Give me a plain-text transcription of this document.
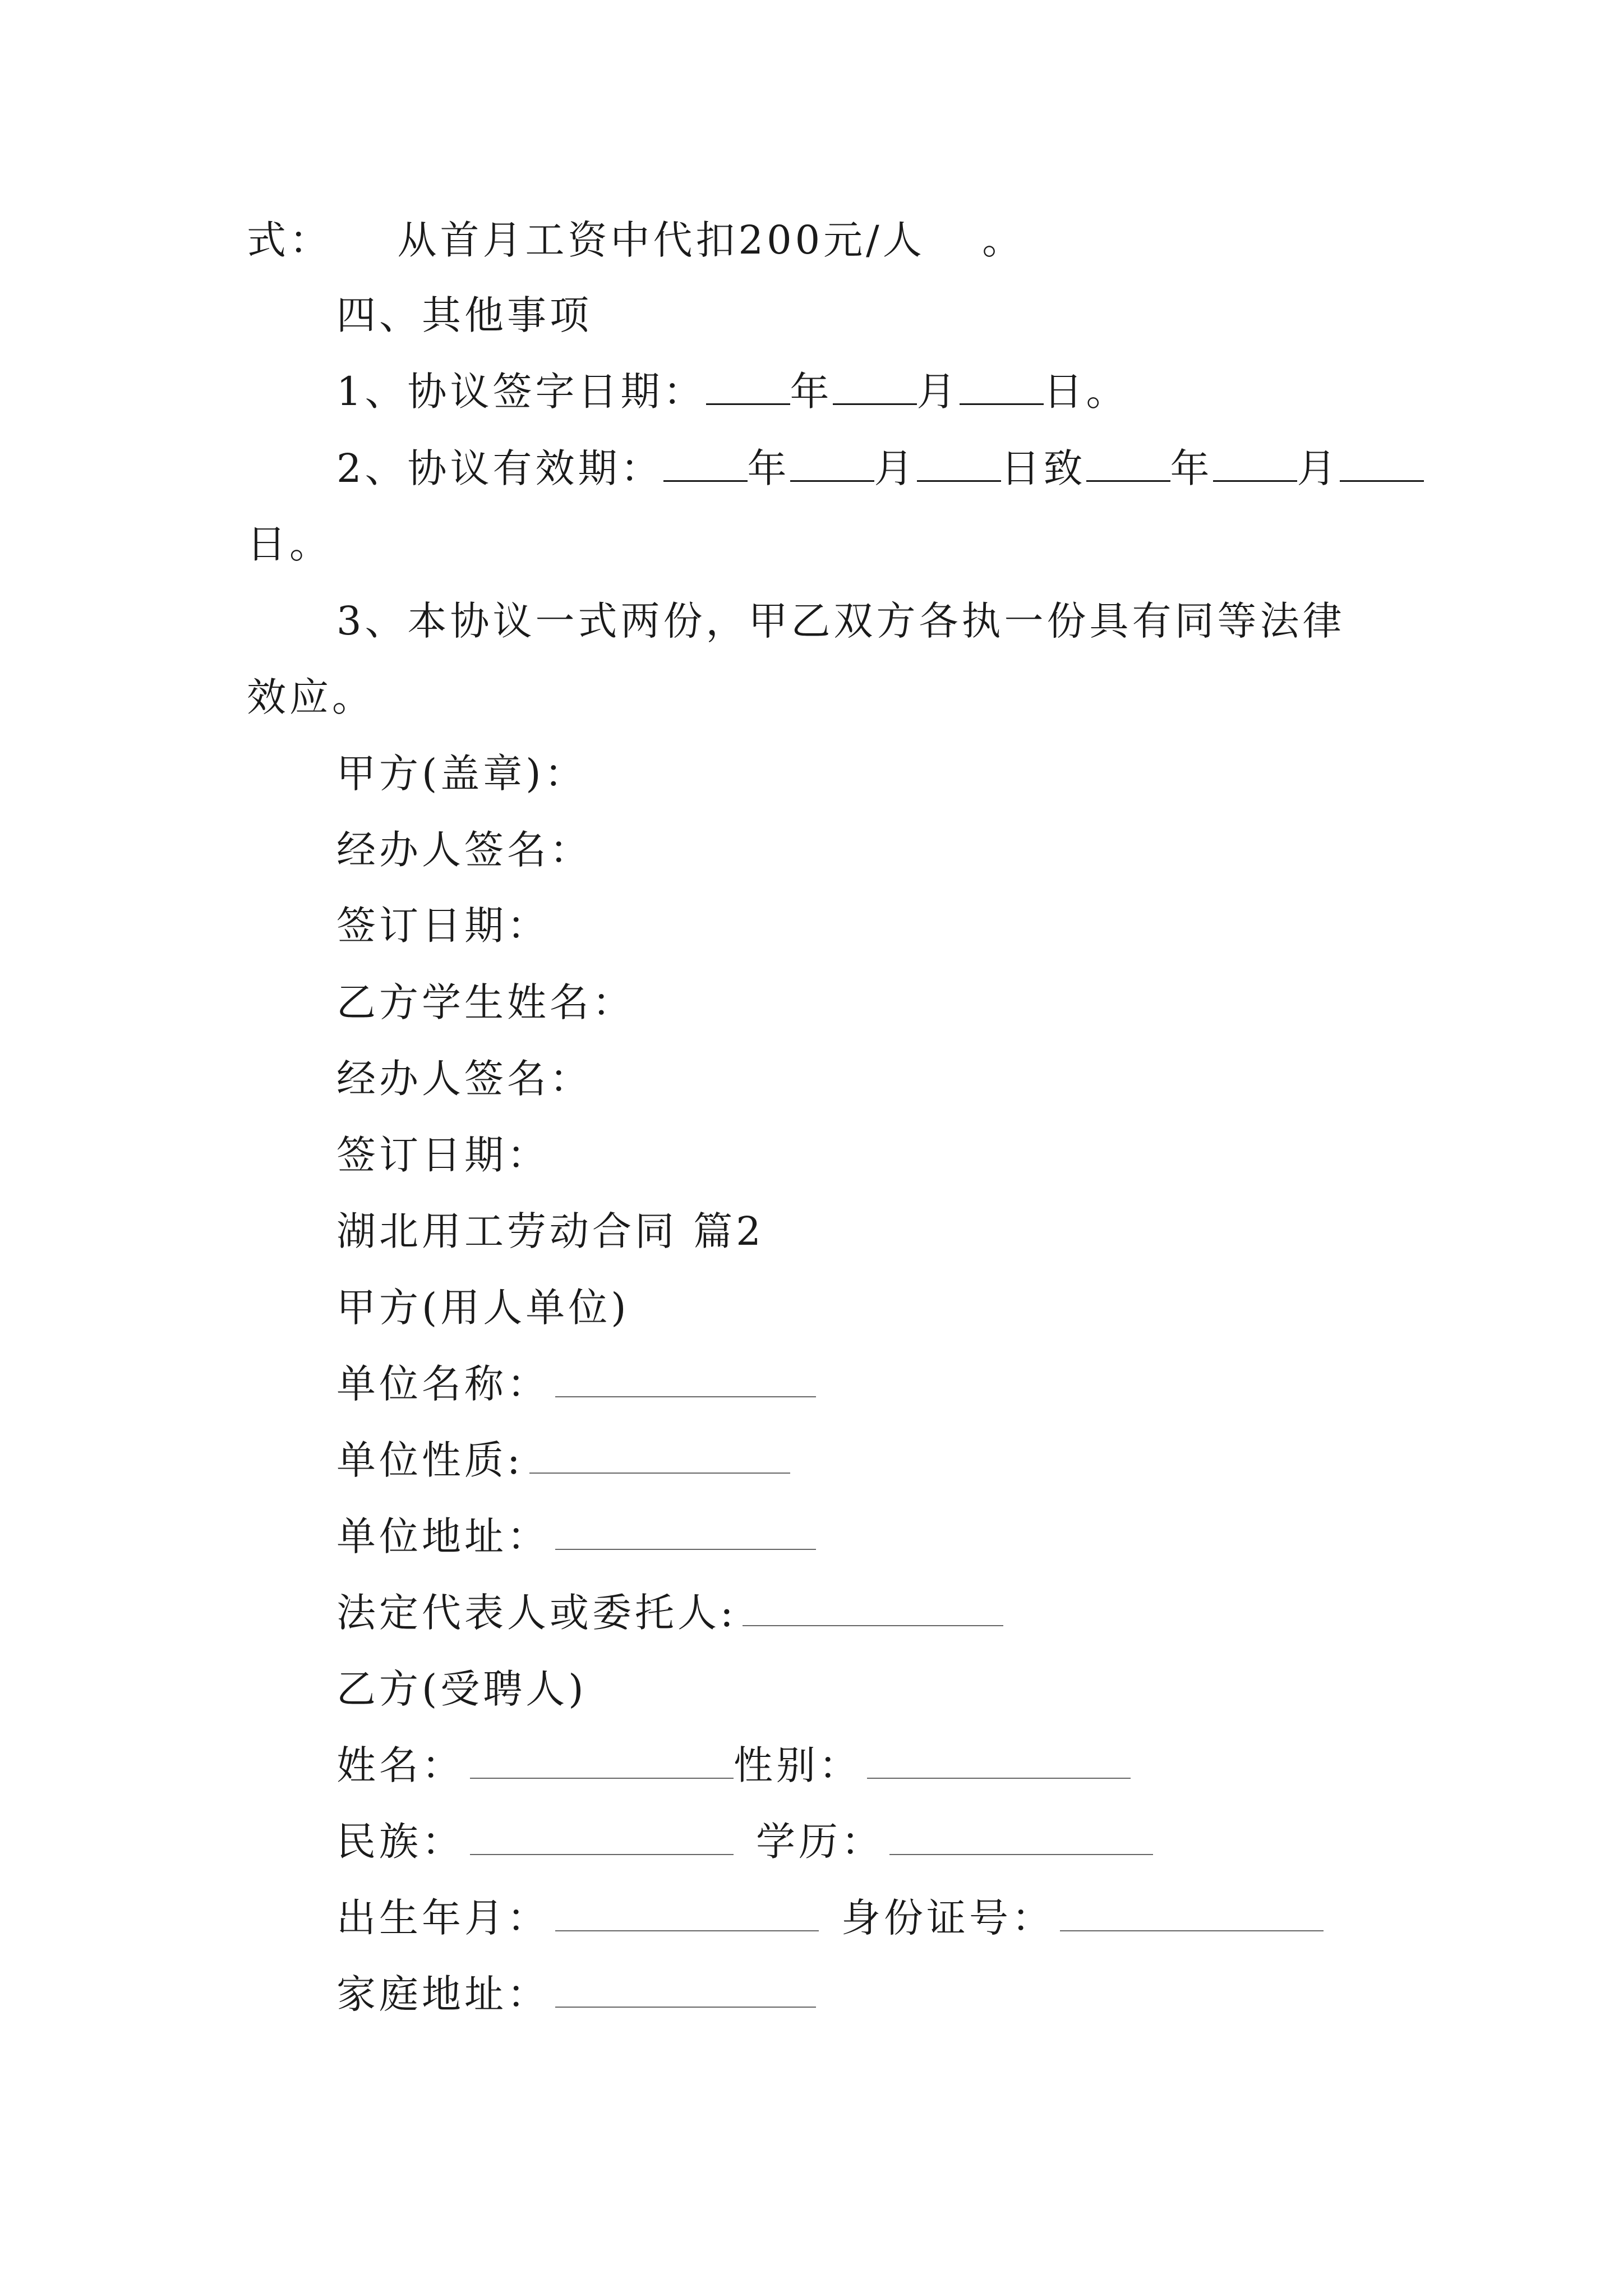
式： 从首月工资中代扣200元/人 。
四、其他事项
1、协议签字日期： 年 月 日。
2、协议有效期： 年 月 日致 年 月
日。
3、本协议一式两份，甲乙双方各执一份具有同等法律
效应。
甲方(盖章)：
经办人签名：
签订日期：
乙方学生姓名：
经办人签名：
签订日期：
湖北用工劳动合同 篇2
甲方(用人单位)
单位名称：
单位性质:
单位地址：
法定代表人或委托人:
乙方(受聘人)
姓名：	性别：
民族：	学历：
出生年月：	身份证号：
家庭地址：
